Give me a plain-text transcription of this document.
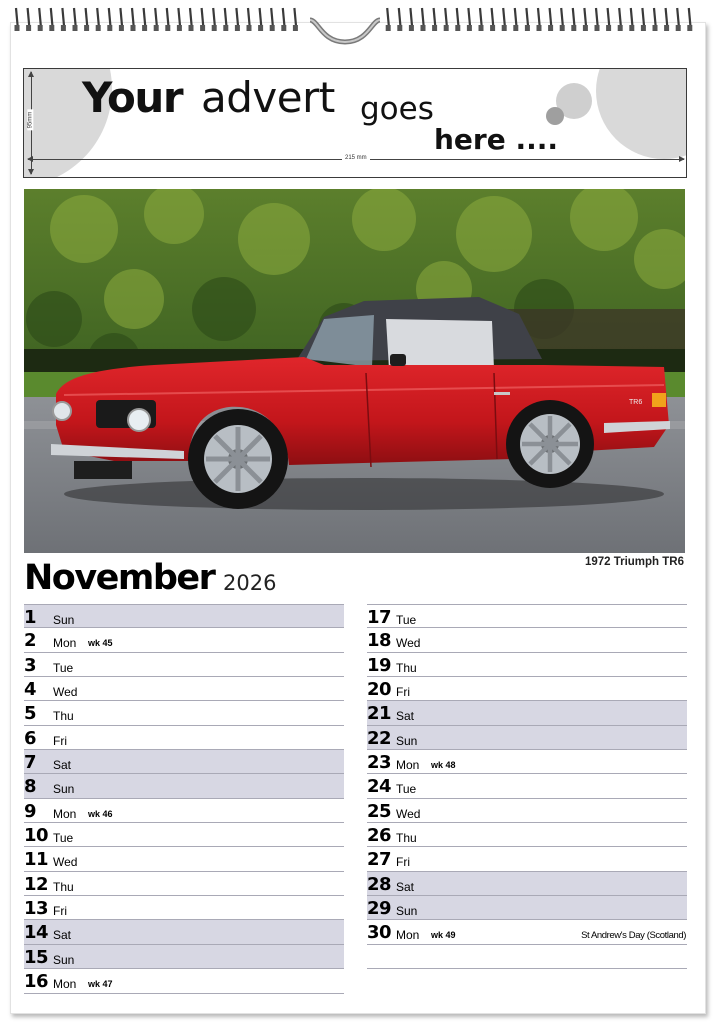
Your advert goes
here ....
215 mm
95mm
TR6
1972 Triumph TR6
November 2026
1 Sun
2 Mon wk 45
3 Tue
4 Wed
5 Thu
6 Fri
7 Sat
8 Sun
9 Mon wk 46
10 Tue
11 Wed
12 Thu
13 Fri
14 Sat
15 Sun
16 Mon wk 47
17 Tue
18 Wed
19 Thu
20 Fri
21 Sat
22 Sun
23 Mon wk 48
24 Tue
25 Wed
26 Thu
27 Fri
28 Sat
29 Sun
30 Mon wk 49	St Andrew's Day (Scotland)
